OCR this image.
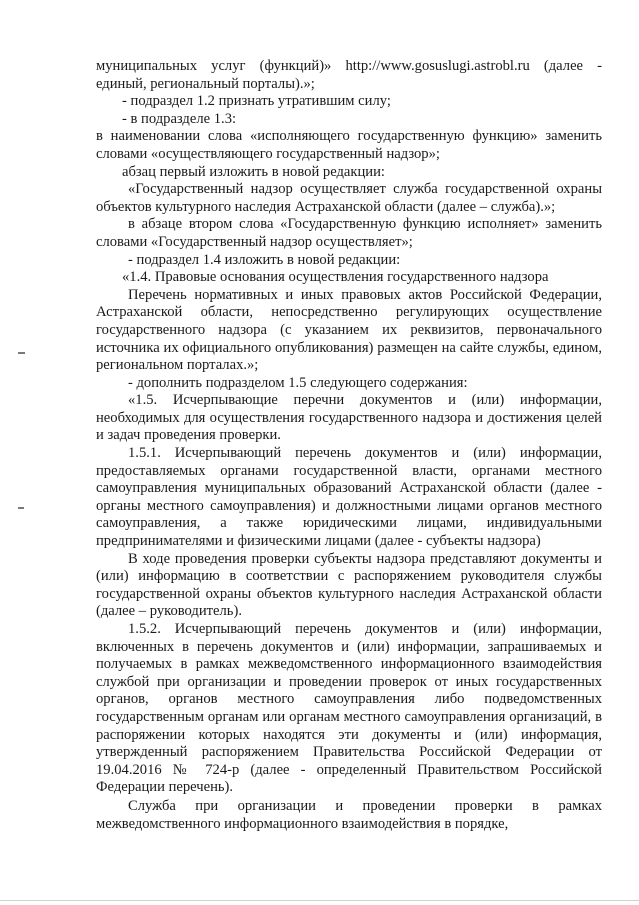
муниципальных услуг (функций)» http://www.gosuslugi.astrobl.ru (далее - единый, региональный порталы).»;

- подраздел 1.2 признать утратившим силу;

- в подразделе 1.3:

в наименовании слова «исполняющего государственную функцию» заменить словами «осуществляющего государственный надзор»;

абзац первый изложить в новой редакции:

«Государственный надзор осуществляет служба государственной охраны объектов культурного наследия Астраханской области (далее – служба).»;

в абзаце втором слова «Государственную функцию исполняет» заменить словами «Государственный надзор осуществляет»;

- подраздел 1.4 изложить в новой редакции:

«1.4. Правовые основания осуществления государственного надзора

Перечень нормативных и иных правовых актов Российской Федерации, Астраханской области, непосредственно регулирующих осуществление государственного надзора (с указанием их реквизитов, первоначального источника их официального опубликования) размещен на сайте службы, едином, региональном порталах.»;

- дополнить подразделом 1.5 следующего содержания:

«1.5. Исчерпывающие перечни документов и (или) информации, необходимых для осуществления государственного надзора и достижения целей и задач проведения проверки.

1.5.1. Исчерпывающий перечень документов и (или) информации, предоставляемых органами государственной власти, органами местного самоуправления муниципальных образований Астраханской области (далее - органы местного самоуправления) и должностными лицами органов местного самоуправления, а также юридическими лицами, индивидуальными предпринимателями и физическими лицами (далее - субъекты надзора)

В ходе проведения проверки субъекты надзора представляют документы и (или) информацию в соответствии с распоряжением руководителя службы государственной охраны объектов культурного наследия Астраханской области (далее – руководитель).

1.5.2. Исчерпывающий перечень документов и (или) информации, включенных в перечень документов и (или) информации, запрашиваемых и получаемых в рамках межведомственного информационного взаимодействия службой при организации и проведении проверок от иных государственных органов, органов местного самоуправления либо подведомственных государственным органам или органам местного самоуправления организаций, в распоряжении которых находятся эти документы и (или) информация, утвержденный распоряжением Правительства Российской Федерации от 19.04.2016 № 724-р (далее - определенный Правительством Российской Федерации перечень).

Служба при организации и проведении проверки в рамках межведомственного информационного взаимодействия в порядке,
